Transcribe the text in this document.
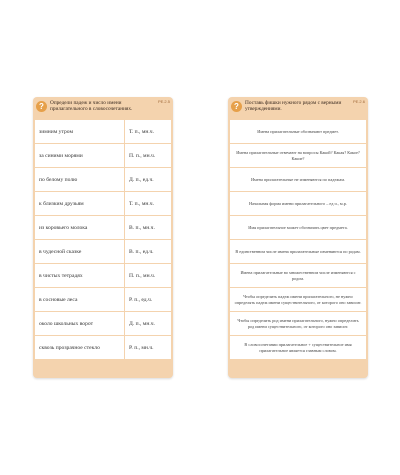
?	Определи падеж и число имени прилагательного в словосочетаниях.
РЕ.2.5
зимним утром	Т. п., мн.ч.
за синими морями	П. п., мн.ч.
по белому полю	Д. п., ед.ч.
к близким друзьям	Т. п., мн.ч.
из коровьего молока	В. п., мн.ч.
в чудесной сказке	В. п., ед.ч.
в чистых тетрадях	П. п., мн.ч.
в сосновые леса	Р. п., ед.ч.
около школьных ворот	Д. п., мн.ч.
сквозь прозрачное стекло	Р. п., мн.ч.
?	Поставь фишки нужного рядом с верными утверждениями.
РЕ.2.6
Имена прилагательные обозначают предмет.
Имена прилагательные отвечают на вопросы Какой? Какая? Какое? Какие?
Имена прилагательные не изменяются по падежам.
Начальная форма имени прилагательного – ед.ч., м.р.
Имя прилагательное может обозначать цвет предмета.
В единственном числе имена прилагательные изменяются по родам.
Имена прилагательные во множественном числе изменяются с родом.
Чтобы определить падеж имени прилагательного, не нужно определять падеж имени существительного, от которого оно зависит.
Чтобы определить род имени прилагательного, нужно определить род имени существительного, от которого оно зависит.
В словосочетании прилагательное + существительное имя прилагательное является главным словом.
